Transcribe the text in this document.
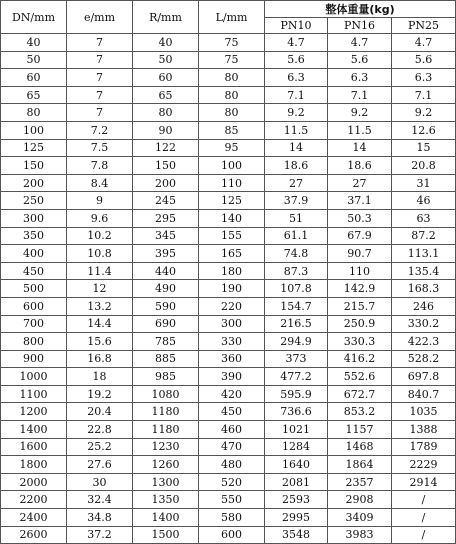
DN/mm	e/mm	R/mm	L/mm	整体重量(kg)		
				PN10	PN16	PN25
40	7	40	75	4.7	4.7	4.7
50	7	50	75	5.6	5.6	5.6
60	7	60	80	6.3	6.3	6.3
65	7	65	80	7.1	7.1	7.1
80	7	80	80	9.2	9.2	9.2
100	7.2	90	85	11.5	11.5	12.6
125	7.5	122	95	14	14	15
150	7.8	150	100	18.6	18.6	20.8
200	8.4	200	110	27	27	31
250	9	245	125	37.9	37.1	46
300	9.6	295	140	51	50.3	63
350	10.2	345	155	61.1	67.9	87.2
400	10.8	395	165	74.8	90.7	113.1
450	11.4	440	180	87.3	110	135.4
500	12	490	190	107.8	142.9	168.3
600	13.2	590	220	154.7	215.7	246
700	14.4	690	300	216.5	250.9	330.2
800	15.6	785	330	294.9	330.3	422.3
900	16.8	885	360	373	416.2	528.2
1000	18	985	390	477.2	552.6	697.8
1100	19.2	1080	420	595.9	672.7	840.7
1200	20.4	1180	450	736.6	853.2	1035
1400	22.8	1180	460	1021	1157	1388
1600	25.2	1230	470	1284	1468	1789
1800	27.6	1260	480	1640	1864	2229
2000	30	1300	520	2081	2357	2914
2200	32.4	1350	550	2593	2908	/
2400	34.8	1400	580	2995	3409	/
2600	37.2	1500	600	3548	3983	/
